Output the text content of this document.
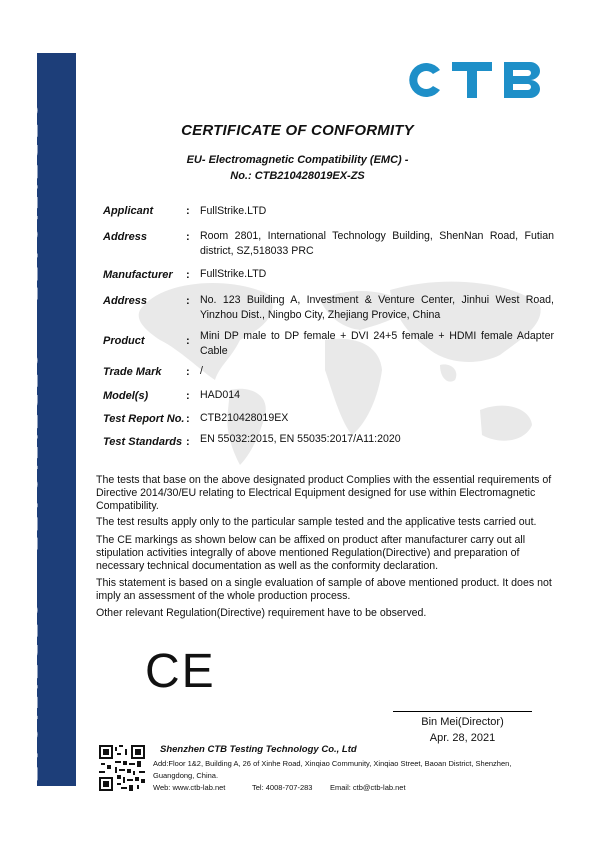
CERTIFICATE ◆ CERTIFICATE ◆ CERTIFICATE	CERTIFICATE OF CONFORMITY
EU- Electromagnetic Compatibility (EMC) -
No.: CTB210428019EX-ZS
Applicant	: FullStrike.LTD
Address	: Room 2801, International Technology Building, ShenNan Road, Futian district, SZ,518033 PRC
Manufacturer : FullStrike.LTD
Address	: No. 123 Building A, Investment & Venture Center, Jinhui West Road, Yinzhou Dist., Ningbo City, Zhejiang Provice, China
Product	: Mini DP male to DP female + DVI 24+5 female + HDMI female Adapter Cable
Trade Mark : /
Model(s)	: HAD014
Test Report No. : CTB210428019EX
Test Standards : EN 55032:2015, EN 55035:2017/A11:2020
The tests that base on the above designated product Complies with the essential requirements of Directive 2014/30/EU relating to Electrical Equipment designed for use within Electromagnetic Compatibility.
The test results apply only to the particular sample tested and the applicative tests carried out.
The CE markings as shown below can be affixed on product after manufacturer carry out all stipulation activities integrally of above mentioned Regulation(Directive) and preparation of necessary technical documentation as well as the conformity declaration.
This statement is based on a single evaluation of sample of above mentioned product. It does not imply an assessment of the whole production process.
Other relevant Regulation(Directive) requirement have to be observed.
CE
Bin Mei(Director)
Apr. 28, 2021
Shenzhen CTB Testing Technology Co., Ltd
Add:Floor 1&2, Building A, 26 of Xinhe Road, Xinqiao Community, Xinqiao Street, Baoan District, Shenzhen,
Guangdong, China.
Web: www.ctb-lab.net	Tel: 4008-707-283 Email: ctb@ctb-lab.net
